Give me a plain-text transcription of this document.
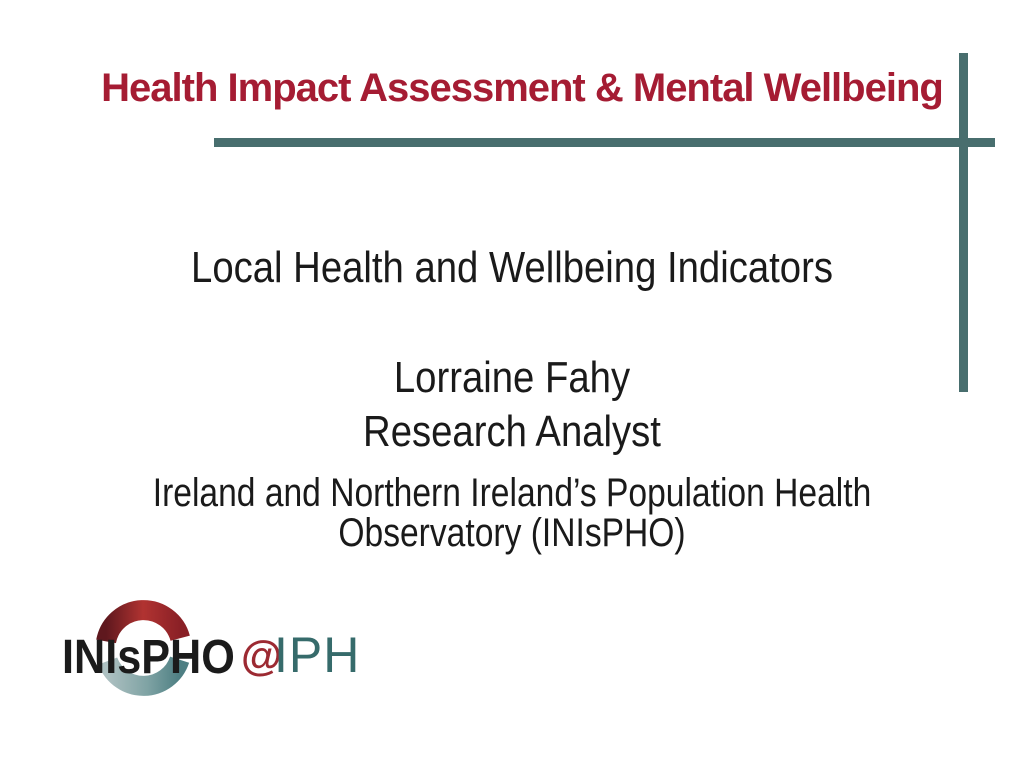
Health Impact Assessment & Mental Wellbeing
Local Health and Wellbeing Indicators
Lorraine Fahy
Research Analyst
Ireland and Northern Ireland’s Population Health
Observatory (INIsPHO)
INIsPHO @
IPH
